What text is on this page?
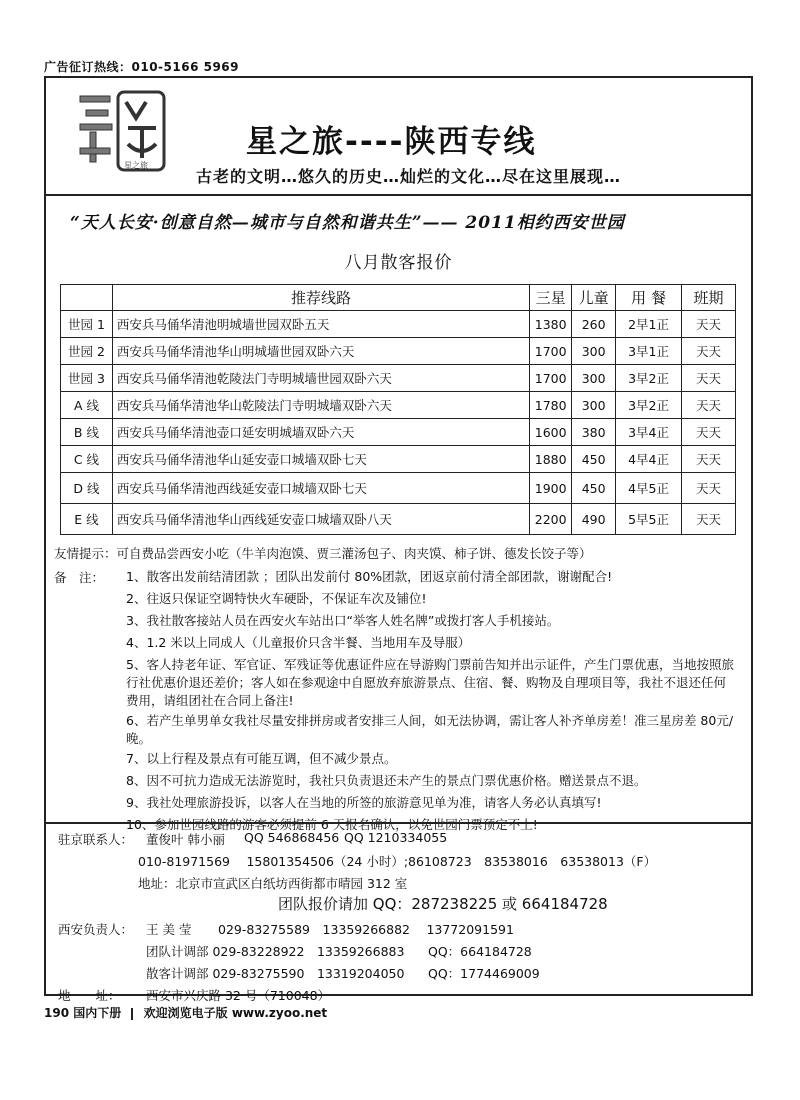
广告征订热线：010-5166 5969
星之旅
星之旅----陕西专线
古老的文明…悠久的历史…灿烂的文化…尽在这里展现…
“天人长安·创意自然—城市与自然和谐共生”—— 2011相约西安世园
八月散客报价
	推荐线路	三星	儿童	用 餐	班期
世园 1	西安兵马俑华清池明城墙世园双卧五天	1380	260	2早1正	天天
世园 2	西安兵马俑华清池华山明城墙世园双卧六天	1700	300	3早1正	天天
世园 3	西安兵马俑华清池乾陵法门寺明城墙世园双卧六天	1700	300	3早2正	天天
A 线	西安兵马俑华清池华山乾陵法门寺明城墙双卧六天	1780	300	3早2正	天天
B 线	西安兵马俑华清池壶口延安明城墙双卧六天	1600	380	3早4正	天天
C 线	西安兵马俑华清池华山延安壶口城墙双卧七天	1880	450	4早4正	天天
D 线	西安兵马俑华清池西线延安壶口城墙双卧七天	1900	450	4早5正	天天
E 线	西安兵马俑华清池华山西线延安壶口城墙双卧八天	2200	490	5早5正	天天
友情提示：可自费品尝西安小吃（牛羊肉泡馍、贾三灌汤包子、肉夹馍、柿子饼、德发长饺子等）
备　注： 1、散客出发前结清团款 ；团队出发前付 80%团款，团返京前付清全部团款，谢谢配合!
2、往返只保证空调特快火车硬卧，不保证车次及铺位!
3、我社散客接站人员在西安火车站出口“举客人姓名牌”或拨打客人手机接站。
4、1.2 米以上同成人（儿童报价只含半餐、当地用车及导服）
5、客人持老年证、军官证、军残证等优惠证件应在导游购门票前告知并出示证件，产生门票优惠，当地按照旅行社优惠价退还差价；客人如在参观途中自愿放弃旅游景点、住宿、餐、购物及自理项目等，我社不退还任何费用，请组团社在合同上备注!
6、若产生单男单女我社尽量安排拼房或者安排三人间，如无法协调，需让客人补齐单房差！准三星房差 80元/晚。
7、以上行程及景点有可能互调，但不减少景点。
8、因不可抗力造成无法游览时，我社只负责退还未产生的景点门票优惠价格。赠送景点不退。
9、我社处理旅游投诉，以客人在当地的所签的旅游意见单为准，请客人务必认真填写!
10、参加世园线路的游客必须提前 6 天报名确认，以免世园门票预定不上!
驻京联系人： 董俊叶 韩小丽 QQ 546868456 QQ 1210334055
010-81971569　 15801354506（24 小时）;86108723　83538016　63538013（F）
地址：北京市宣武区白纸坊西街都市晴园 312 室
团队报价请加 QQ：287238225 或 664184728
西安负责人： 王 美 莹 029-83275589　13359266882　 13772091591
团队计调部 029-83228922　13359266883 QQ：664184728
散客计调部 029-83275590　13319204050 QQ：1774469009
地　　址： 西安市兴庆路 32 号（710048）
190 国内下册 欢迎浏览电子版 www.zyoo.net
